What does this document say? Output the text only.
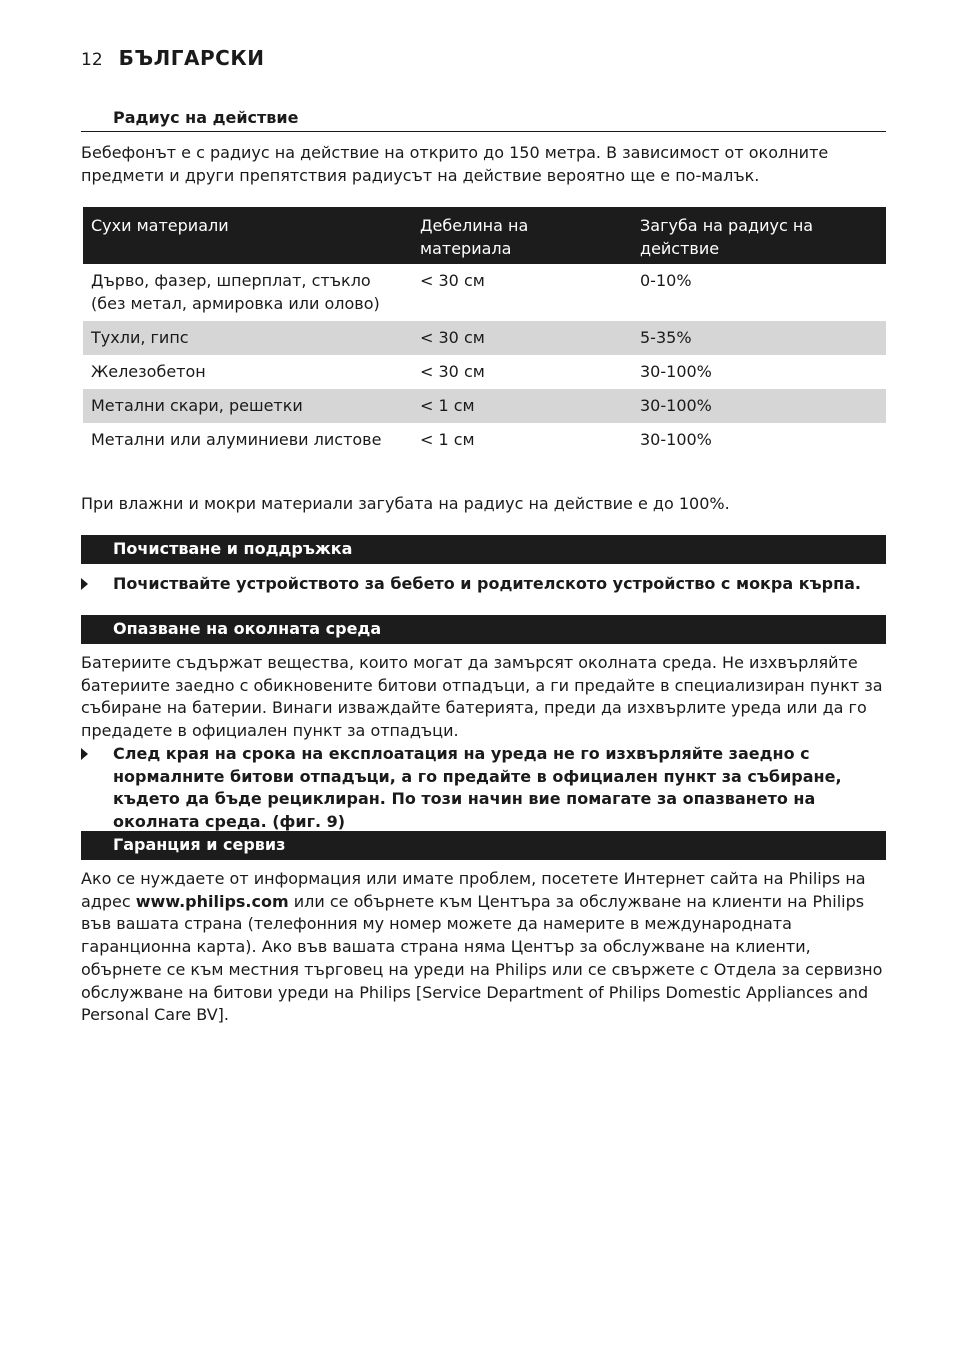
12 БЪЛГАРСКИ
Радиус на действие

Бебефонът е с радиус на действие на открито до 150 метра. В зависимост от околните предмети и други препятствия радиусът на действие вероятно ще е по-малък.

Сухи материали	Дебелина на материала	Загуба на радиус на действие
Дърво, фазер, шперплат, стъкло (без метал, армировка или олово)	< 30 см	0-10%
Тухли, гипс	< 30 см	5-35%
Железобетон	< 30 см	30-100%
Метални скари, решетки	< 1 см	30-100%
Метални или алуминиеви листове	< 1 см	30-100%

При влажни и мокри материали загубата на радиус на действие е до 100%.

Почистване и поддръжка
Почиствайте устройството за бебето и родителското устройство с мокра кърпа.
Опазване на околната среда

Батериите съдържат вещества, които могат да замърсят околната среда. Не изхвърляйте батериите заедно с обикновените битови отпадъци, а ги предайте в специализиран пункт за събиране на батерии. Винаги изваждайте батерията, преди да изхвърлите уреда или да го предадете в официален пункт за отпадъци.

След края на срока на експлоатация на уреда не го изхвърляйте заедно с нормалните битови отпадъци, а го предайте в официален пункт за събиране, където да бъде рециклиран. По този начин вие помагате за опазването на околната среда. (фиг. 9)
Гаранция и сервиз

Ако се нуждаете от информация или имате проблем, посетете Интернет сайта на Philips на адрес www.philips.com или се обърнете към Центъра за обслужване на клиенти на Philips във вашата страна (телефонния му номер можете да намерите в международната гаранционна карта). Ако във вашата страна няма Център за обслужване на клиенти, обърнете се към местния търговец на уреди на Philips или се свържете с Отдела за сервизно обслужване на битови уреди на Philips [Service Department of Philips Domestic Appliances and Personal Care BV].
